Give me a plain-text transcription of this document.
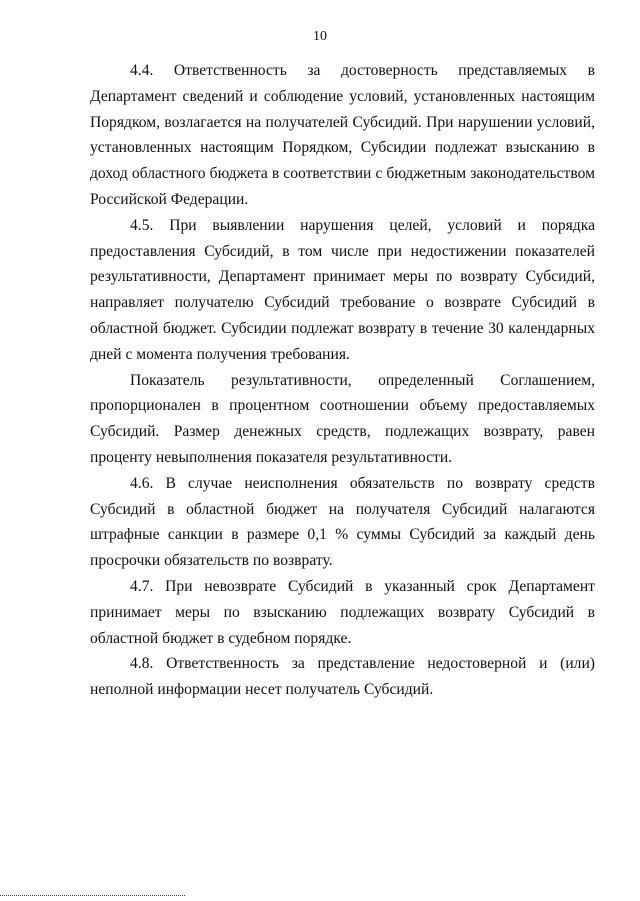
10

4.4. Ответственность за достоверность представляемых в Департамент сведений и соблюдение условий, установленных настоящим Порядком, возлагается на получателей Субсидий. При нарушении условий, установленных настоящим Порядком, Субсидии подлежат взысканию в доход областного бюджета в соответствии с бюджетным законодательством Российской Федерации.

4.5. При выявлении нарушения целей, условий и порядка предоставления Субсидий, в том числе при недостижении показателей результативности, Департамент принимает меры по возврату Субсидий, направляет получателю Субсидий требование о возврате Субсидий в областной бюджет. Субсидии подлежат возврату в течение 30 календарных дней с момента получения требования.

Показатель результативности, определенный Соглашением, пропорционален в процентном соотношении объему предоставляемых Субсидий. Размер денежных средств, подлежащих возврату, равен проценту невыполнения показателя результативности.

4.6. В случае неисполнения обязательств по возврату средств Субсидий в областной бюджет на получателя Субсидий налагаются штрафные санкции в размере 0,1 % суммы Субсидий за каждый день просрочки обязательств по возврату.

4.7. При невозврате Субсидий в указанный срок Департамент принимает меры по взысканию подлежащих возврату Субсидий в областной бюджет в судебном порядке.

4.8. Ответственность за представление недостоверной и (или) неполной информации несет получатель Субсидий.
